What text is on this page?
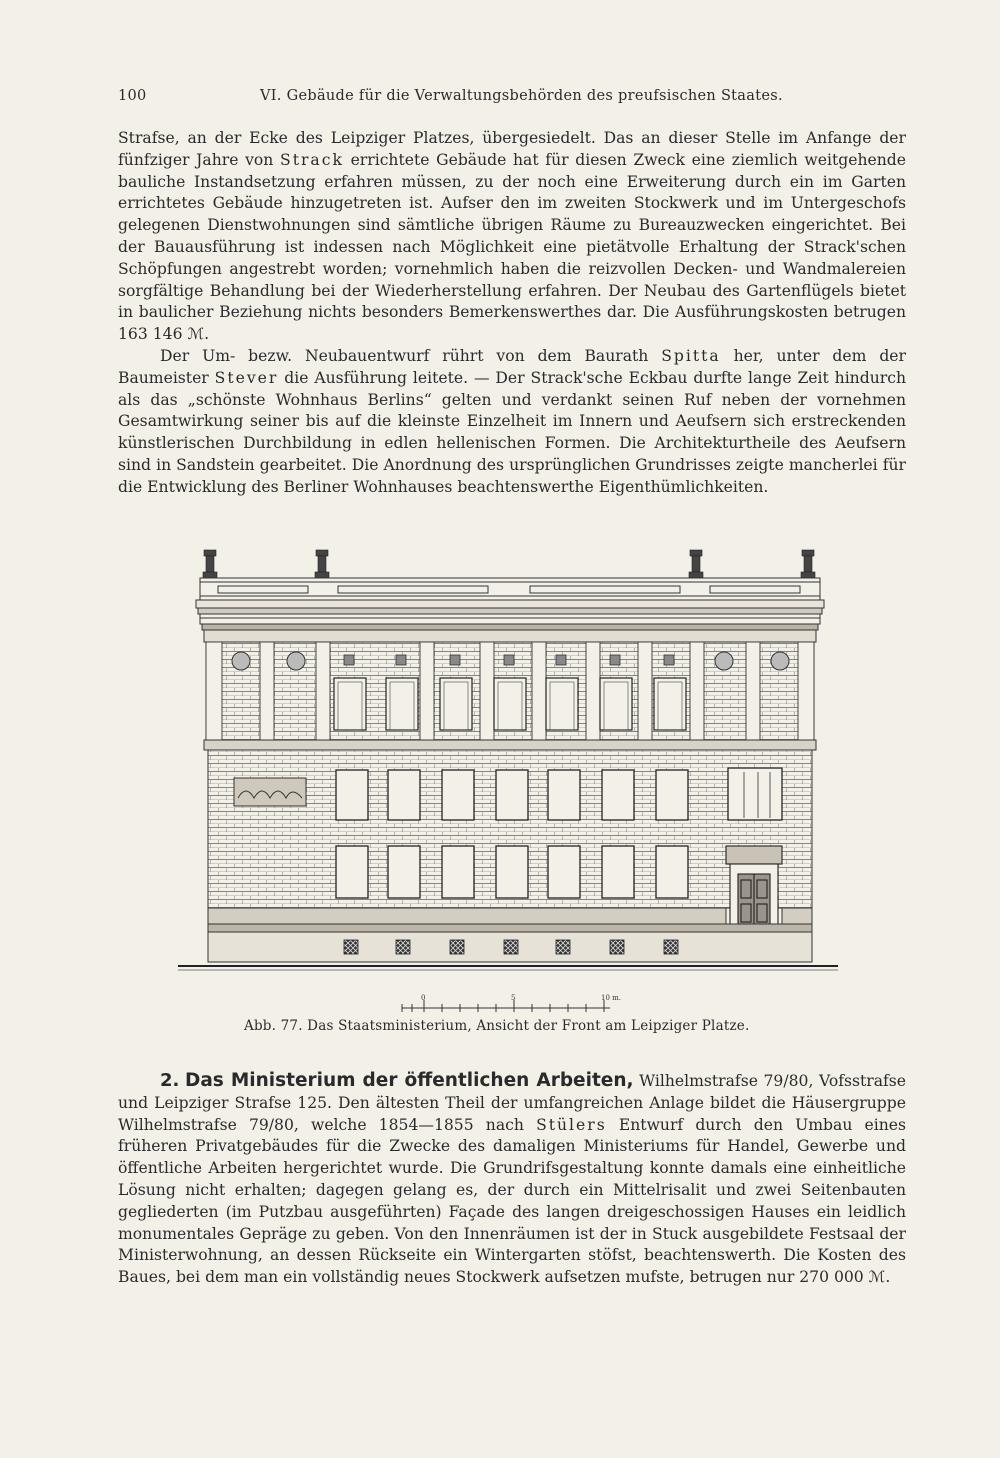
100	VI. Gebäude für die Verwaltungsbehörden des preufsischen Staates.

Strafse, an der Ecke des Leipziger Platzes, übergesiedelt. Das an dieser Stelle im Anfange der fünfziger Jahre von Strack errichtete Gebäude hat für diesen Zweck eine ziemlich weitgehende bauliche Instandsetzung erfahren müssen, zu der noch eine Erweiterung durch ein im Garten errichtetes Gebäude hinzugetreten ist. Aufser den im zweiten Stockwerk und im Untergeschofs gelegenen Dienstwohnungen sind sämtliche übrigen Räume zu Bureauzwecken eingerichtet. Bei der Bauausführung ist indessen nach Möglichkeit eine pietätvolle Erhaltung der Strack'schen Schöpfungen angestrebt worden; vornehmlich haben die reizvollen Decken- und Wandmalereien sorgfältige Behandlung bei der Wiederherstellung erfahren. Der Neubau des Gartenflügels bietet in baulicher Beziehung nichts besonders Bemerkenswerthes dar. Die Ausführungskosten betrugen 163 146 ℳ.

Der Um- bezw. Neubauentwurf rührt von dem Baurath Spitta her, unter dem der Baumeister Stever die Ausführung leitete. — Der Strack'sche Eckbau durfte lange Zeit hindurch als das „schönste Wohnhaus Berlins“ gelten und verdankt seinen Ruf neben der vornehmen Gesamtwirkung seiner bis auf die kleinste Einzelheit im Innern und Aeufsern sich erstreckenden künstlerischen Durchbildung in edlen hellenischen Formen. Die Architekturtheile des Aeufsern sind in Sandstein gearbeitet. Die Anordnung des ursprünglichen Grundrisses zeigte mancherlei für die Entwicklung des Berliner Wohnhauses beachtenswerthe Eigenthümlichkeiten.

0	5	10 m.
Abb. 77. Das Staatsministerium, Ansicht der Front am Leipziger Platze.

2. Das Ministerium der öffentlichen Arbeiten, Wilhelmstrafse 79/80, Vofsstrafse und Leipziger Strafse 125. Den ältesten Theil der umfangreichen Anlage bildet die Häusergruppe Wilhelmstrafse 79/80, welche 1854—1855 nach Stülers Entwurf durch den Umbau eines früheren Privatgebäudes für die Zwecke des damaligen Ministeriums für Handel, Gewerbe und öffentliche Arbeiten hergerichtet wurde. Die Grundrifsgestaltung konnte damals eine einheitliche Lösung nicht erhalten; dagegen gelang es, der durch ein Mittelrisalit und zwei Seitenbauten gegliederten (im Putzbau ausgeführten) Façade des langen dreigeschossigen Hauses ein leidlich monumentales Gepräge zu geben. Von den Innenräumen ist der in Stuck ausgebildete Festsaal der Ministerwohnung, an dessen Rückseite ein Wintergarten stöfst, beachtenswerth. Die Kosten des Baues, bei dem man ein vollständig neues Stockwerk aufsetzen mufste, betrugen nur 270 000 ℳ.
